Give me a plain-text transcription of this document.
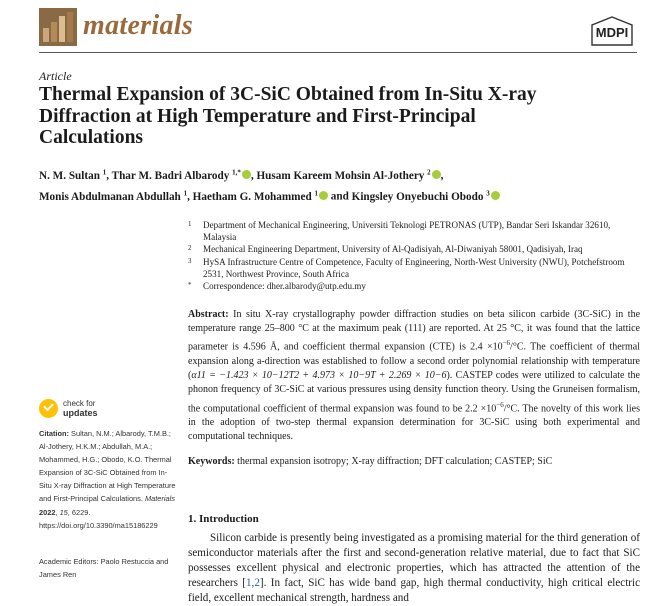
materials	MDPI
Article
Thermal Expansion of 3C-SiC Obtained from In-Situ X-ray Diffraction at High Temperature and First-Principal Calculations
N. M. Sultan $^1$, Thar M. Badri Albarody $^{1,*}$ , Husam Kareem Mohsin Al-Jothery $^2$ ,
Monis Abdulmanan Abdullah $^1$, Haetham G. Mohammed $^1$ and Kingsley Onyebuchi Obodo $^3$
1 Department of Mechanical Engineering, Universiti Teknologi PETRONAS (UTP), Bandar Seri Iskandar 32610, Malaysia
2 Mechanical Engineering Department, University of Al-Qadisiyah, Al-Diwaniyah 58001, Qadisiyah, Iraq
3 HySA Infrastructure Centre of Competence, Faculty of Engineering, North-West University (NWU), Potchefstroom 2531, Northwest Province, South Africa
* Correspondence: dher.albarody@utp.edu.my
Abstract: In situ X-ray crystallography powder diffraction studies on beta silicon carbide (3C-SiC) in the temperature range 25–800 °C at the maximum peak (111) are reported. At 25 °C, it was found that the lattice parameter is 4.596 Å, and coefficient thermal expansion (CTE) is $2.4 \times 10^{-6}/^\circ C$. The coefficient of thermal expansion along a-direction was established to follow a second order polynomial relationship with temperature (α11 = −1.423 × 10−12T2 + 4.973 × 10−9T + 2.269 × 10−6). CASTEP codes were utilized to calculate the phonon frequency of 3C-SiC at various pressures using density function theory. Using the Gruneisen formalism, the computational coefficient of thermal expansion was found to be $2.2 \times 10^{-6}/^\circ C$. The novelty of this work lies in the adoption of two-step thermal expansion determination for 3C-SiC using both experimental and computational techniques.
Keywords: thermal expansion isotropy; X-ray diffraction; DFT calculation; CASTEP; SiC
check for
updates
Citation: Sultan, N.M.; Albarody, T.M.B.; Al-Jothery, H.K.M.; Abdullah, M.A.; Mohammed, H.G.; Obodo, K.O. Thermal Expansion of 3C-SiC Obtained from In-Situ X-ray Diffraction at High Temperature and First-Principal Calculations. Materials 2022, 15, 6229. https://doi.org/10.3390/ma15186229
Academic Editors: Paolo Restuccia and James Ren
1. Introduction
Silicon carbide is presently being investigated as a promising material for the third generation of semiconductor materials after the first and second-generation relative material, due to fact that SiC possesses excellent physical and electronic properties, which has attracted the attention of the researchers [1,2]. In fact, SiC has wide band gap, high thermal conductivity, high critical electric field, excellent mechanical strength, hardness and
